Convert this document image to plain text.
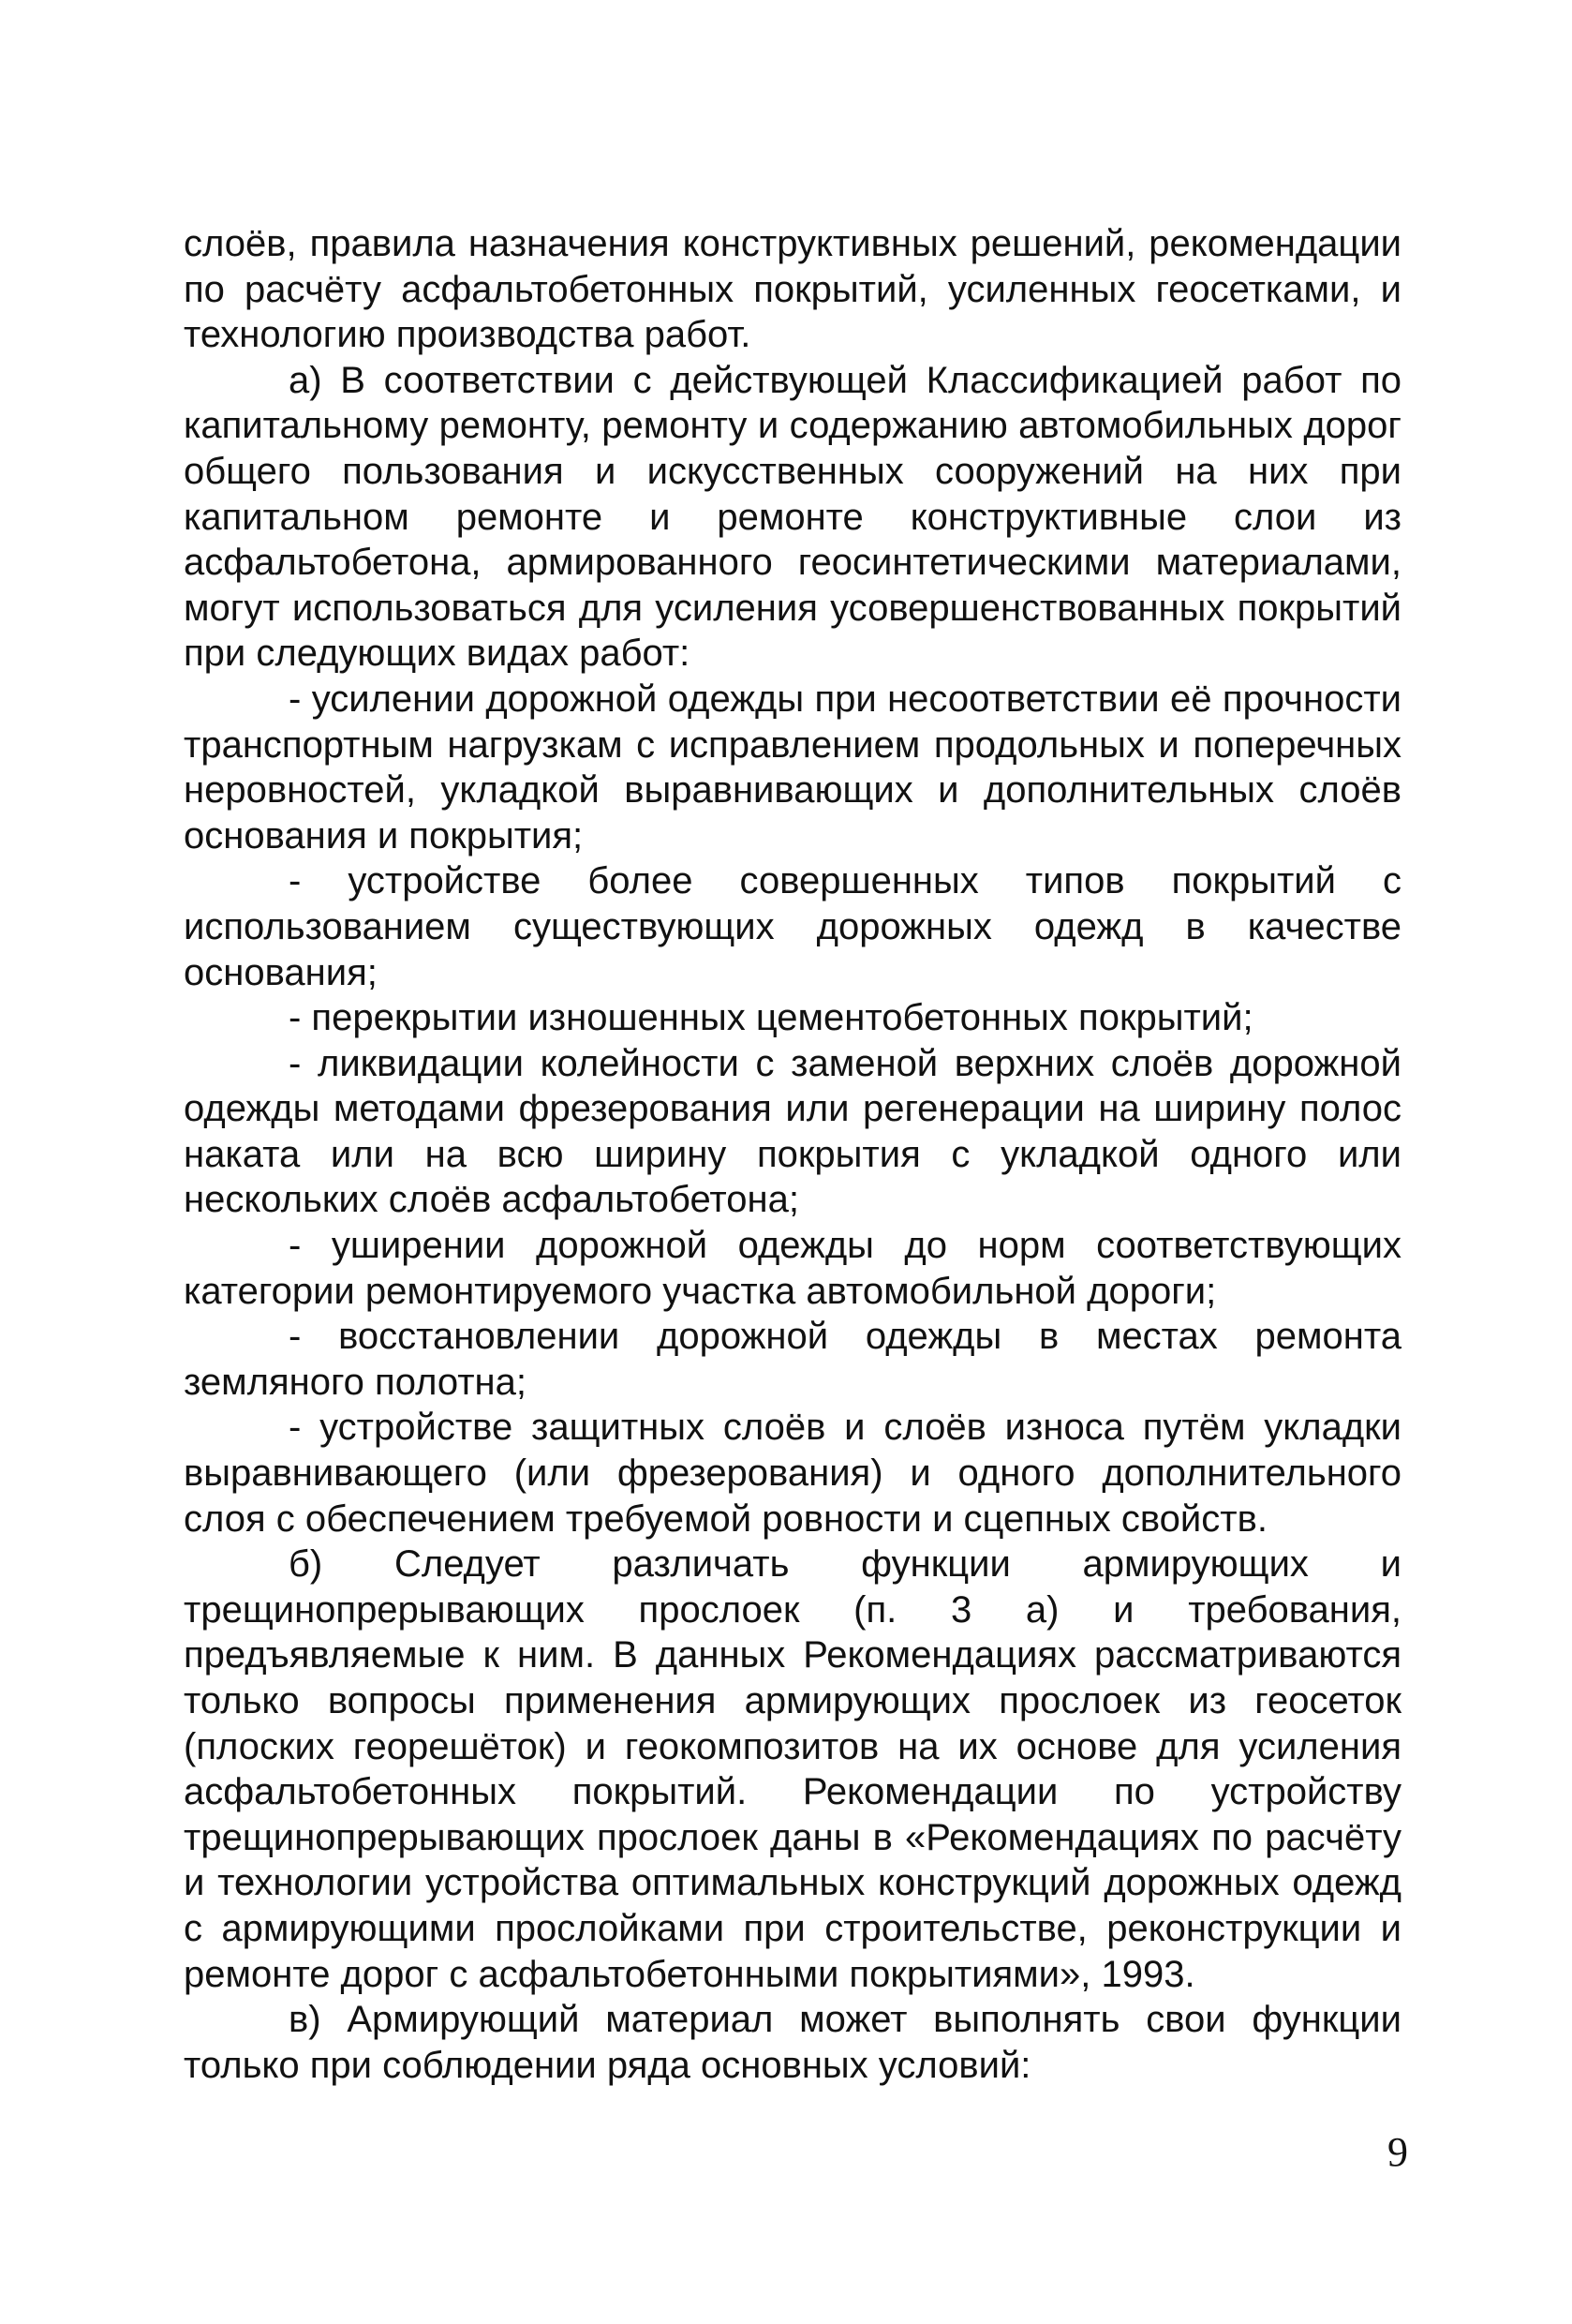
слоёв, правила назначения конструктивных решений, рекомендации по расчёту асфальтобетонных покрытий, усиленных геосетками, и технологию производства работ.

а) В соответствии с действующей Классификацией работ по капитальному ремонту, ремонту и содержанию автомобильных дорог общего пользования и искусственных сооружений на них при капитальном ремонте и ремонте конструктивные слои из асфальтобетона, армированного геосинтетическими материалами, могут использоваться для усиления усовершенствованных покрытий при следующих видах работ:

- усилении дорожной одежды при несоответствии её прочности транспортным нагрузкам с исправлением продольных и поперечных неровностей, укладкой выравнивающих и дополнительных слоёв основания и покрытия;

- устройстве более совершенных типов покрытий с использованием существующих дорожных одежд в качестве основания;

- перекрытии изношенных цементобетонных покрытий;

- ликвидации колейности с заменой верхних слоёв дорожной одежды методами фрезерования или регенерации на ширину полос наката или на всю ширину покрытия с укладкой одного или нескольких слоёв асфальтобетона;

- уширении дорожной одежды до норм соответствующих категории ремонтируемого участка автомобильной дороги;

- восстановлении дорожной одежды в местах ремонта земляного полотна;

- устройстве защитных слоёв и слоёв износа путём укладки выравнивающего (или фрезерования) и одного дополнительного слоя с обеспечением требуемой ровности и сцепных свойств.

б) Следует различать функции армирующих и трещинопрерывающих прослоек (п. 3 а) и требования, предъявляемые к ним. В данных Рекомендациях рассматриваются только вопросы применения армирующих прослоек из геосеток (плоских георешёток) и геокомпозитов на их основе для усиления асфальтобетонных покрытий. Рекомендации по устройству трещинопрерывающих прослоек даны в «Рекомендациях по расчёту и технологии устройства оптимальных конструкций дорожных одежд с армирующими прослойками при строительстве, реконструкции и ремонте дорог с асфальтобетонными покрытиями», 1993.

в) Армирующий материал может выполнять свои функции только при соблюдении ряда основных условий:

9
